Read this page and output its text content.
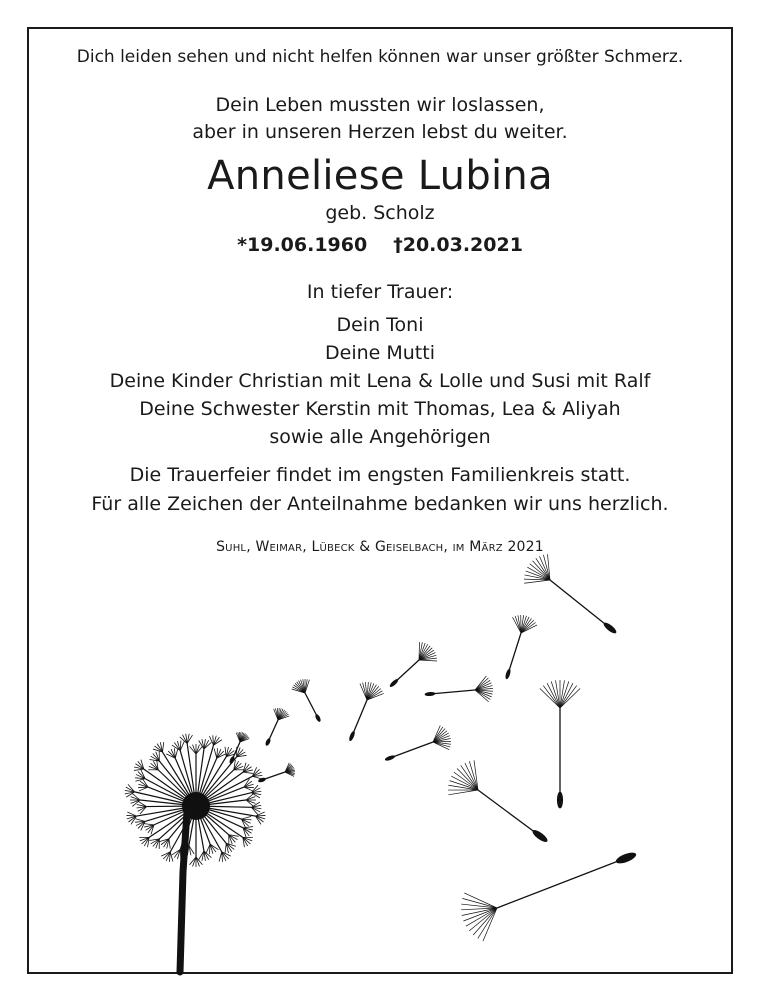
Dich leiden sehen und nicht helfen können war unser größter Schmerz.
Dein Leben mussten wir loslassen,
aber in unseren Herzen lebst du weiter.
Anneliese Lubina
geb. Scholz
*19.06.1960 †20.03.2021
In tiefer Trauer:
Dein Toni
Deine Mutti
Deine Kinder Christian mit Lena & Lolle und Susi mit Ralf
Deine Schwester Kerstin mit Thomas, Lea & Aliyah
sowie alle Angehörigen
Die Trauerfeier findet im engsten Familienkreis statt.
Für alle Zeichen der Anteilnahme bedanken wir uns herzlich.
Suhl, Weimar, Lübeck & Geiselbach, im März 2021
